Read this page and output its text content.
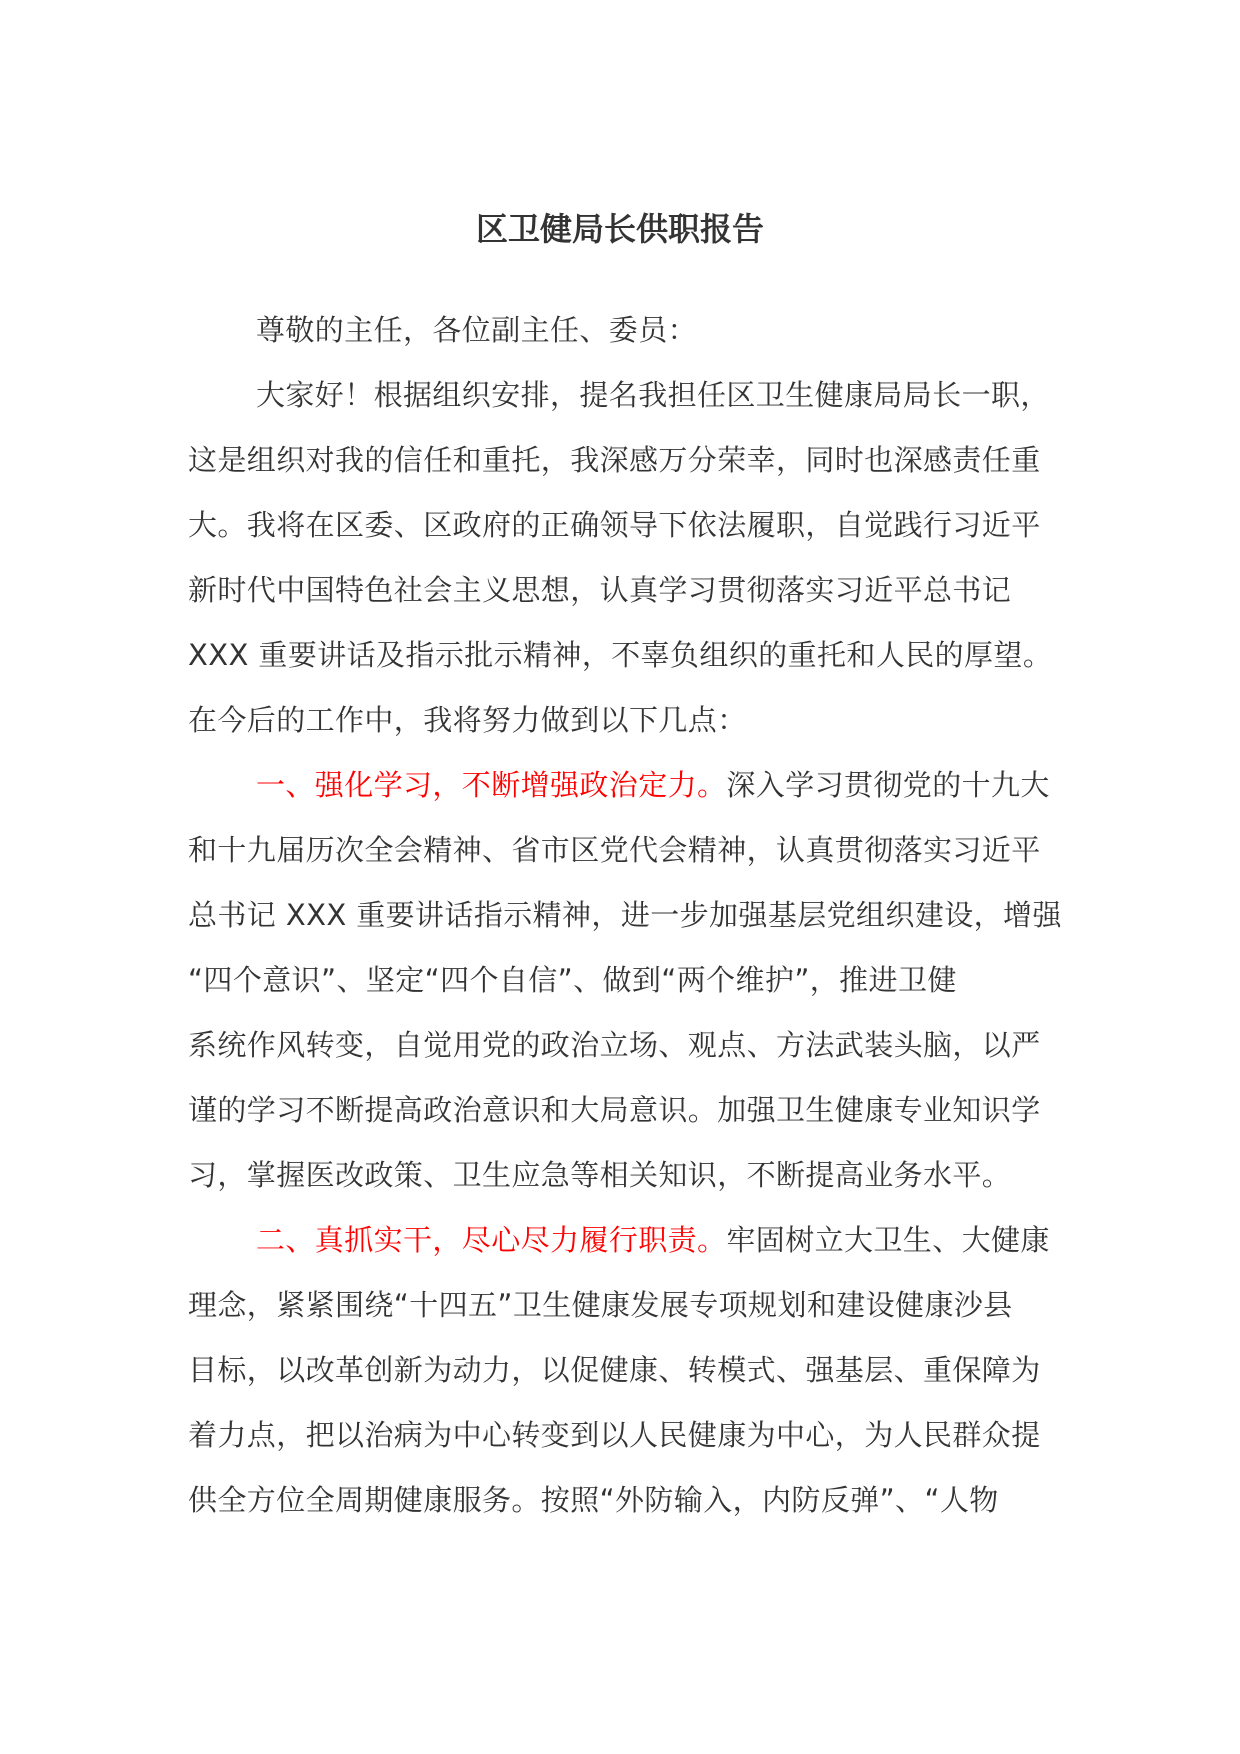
区卫健局长供职报告
尊敬的主任，各位副主任、委员：
大家好！根据组织安排，提名我担任区卫生健康局局长一职，
这是组织对我的信任和重托，我深感万分荣幸，同时也深感责任重
大。我将在区委、区政府的正确领导下依法履职，自觉践行习近平
新时代中国特色社会主义思想，认真学习贯彻落实习近平总书记
XXX 重要讲话及指示批示精神，不辜负组织的重托和人民的厚望。
在今后的工作中，我将努力做到以下几点：
一、强化学习，不断增强政治定力。深入学习贯彻党的十九大
和十九届历次全会精神、省市区党代会精神，认真贯彻落实习近平
总书记 XXX 重要讲话指示精神，进一步加强基层党组织建设，增强
“四个意识”、坚定“四个自信”、做到“两个维护”，推进卫健
系统作风转变，自觉用党的政治立场、观点、方法武装头脑，以严
谨的学习不断提高政治意识和大局意识。加强卫生健康专业知识学
习，掌握医改政策、卫生应急等相关知识，不断提高业务水平。
二、真抓实干，尽心尽力履行职责。牢固树立大卫生、大健康
理念，紧紧围绕“十四五”卫生健康发展专项规划和建设健康沙县
目标，以改革创新为动力，以促健康、转模式、强基层、重保障为
着力点，把以治病为中心转变到以人民健康为中心，为人民群众提
供全方位全周期健康服务。按照“外防输入，内防反弹”、“人物
